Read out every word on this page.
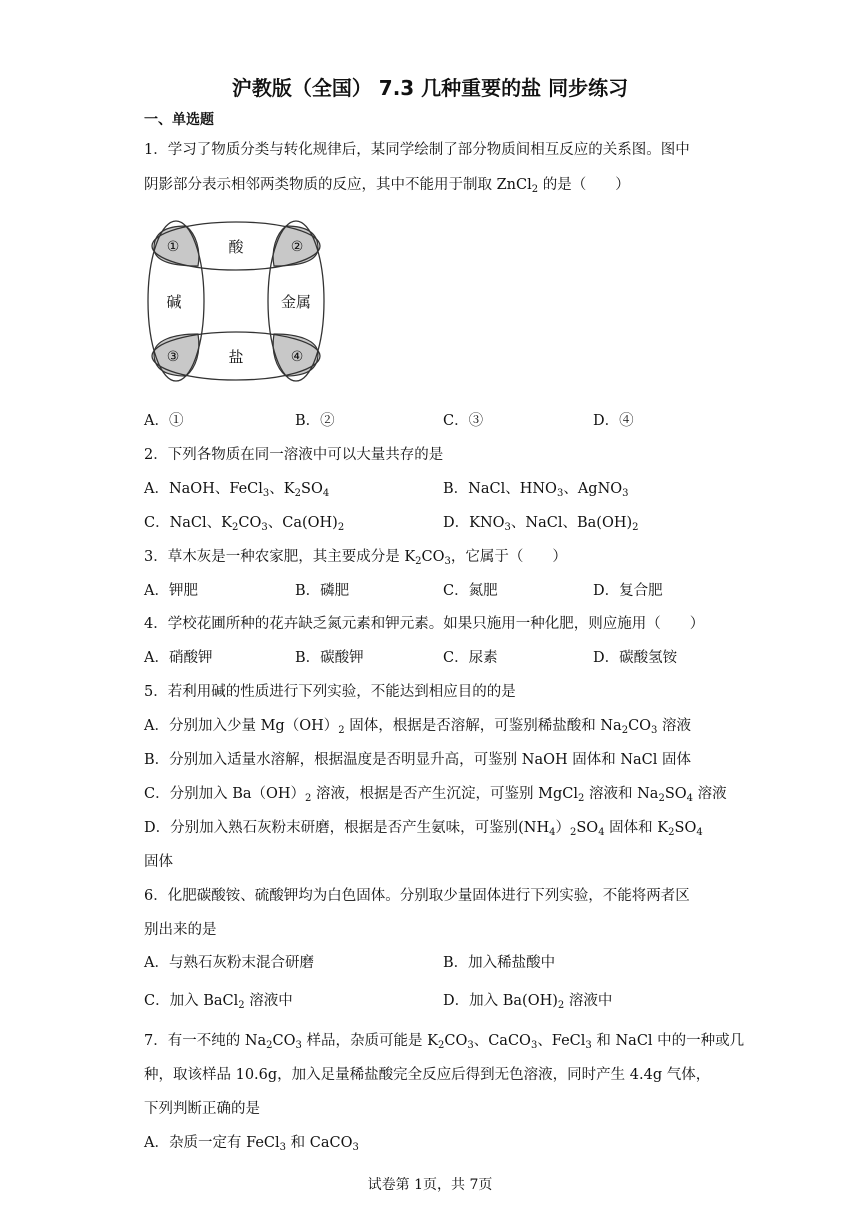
沪教版（全国） 7.3 几种重要的盐 同步练习
一、单选题
1．学习了物质分类与转化规律后，某同学绘制了部分物质间相互反应的关系图。图中
阴影部分表示相邻两类物质的反应，其中不能用于制取 ZnCl$_2$ 的是（　　）
酸
盐
碱	金属
①	②
③	④
A．①	B．②	C．③	D．④
2．下列各物质在同一溶液中可以大量共存的是
A．NaOH、FeCl$_3$、$K_2SO_4$	B．NaCl、$HNO_3$、AgNO$_3$
C．NaCl、$K_2CO_3$、$Ca(OH)_2$	D．$KNO_3$、NaCl、$Ba(OH)_2$
3．草木灰是一种农家肥，其主要成分是 $K_2CO_3$，它属于（　　）
A．钾肥	B．磷肥	C．氮肥	D．复合肥
4．学校花圃所种的花卉缺乏氮元素和钾元素。如果只施用一种化肥，则应施用（　　）
A．硝酸钾	B．碳酸钾	C．尿素	D．碳酸氢铵
5．若利用碱的性质进行下列实验，不能达到相应目的的是
A．分别加入少量 $Mg(OH)_2$ 固体，根据是否溶解，可鉴别稀盐酸和 $Na_2CO_3$ 溶液
B．分别加入适量水溶解，根据温度是否明显升高，可鉴别 NaOH 固体和 NaCl 固体
C．分别加入 $Ba(OH)_2$ 溶液，根据是否产生沉淀，可鉴别 MgCl$_2$ 溶液和 $Na_2SO_4$ 溶液
D．分别加入熟石灰粉末研磨，根据是否产生氨味，可鉴别$(NH_4)_2SO_4$ 固体和 $K_2SO_4$
固体
6．化肥碳酸铵、硫酸钾均为白色固体。分别取少量固体进行下列实验，不能将两者区
别出来的是
A．与熟石灰粉末混合研磨	B．加入稀盐酸中
C．加入 BaCl$_2$ 溶液中	D．加入 $Ba(OH)_2$ 溶液中
7．有一不纯的 $Na_2CO_3$ 样品，杂质可能是 $K_2CO_3$、CaCO$_3$、FeCl$_3$ 和 NaCl 中的一种或几
种，取该样品 10.6g，加入足量稀盐酸完全反应后得到无色溶液，同时产生 4.4g 气体，
下列判断正确的是
A．杂质一定有 FeCl$_3$ 和 CaCO$_3$
试卷第 1页，共 7页
